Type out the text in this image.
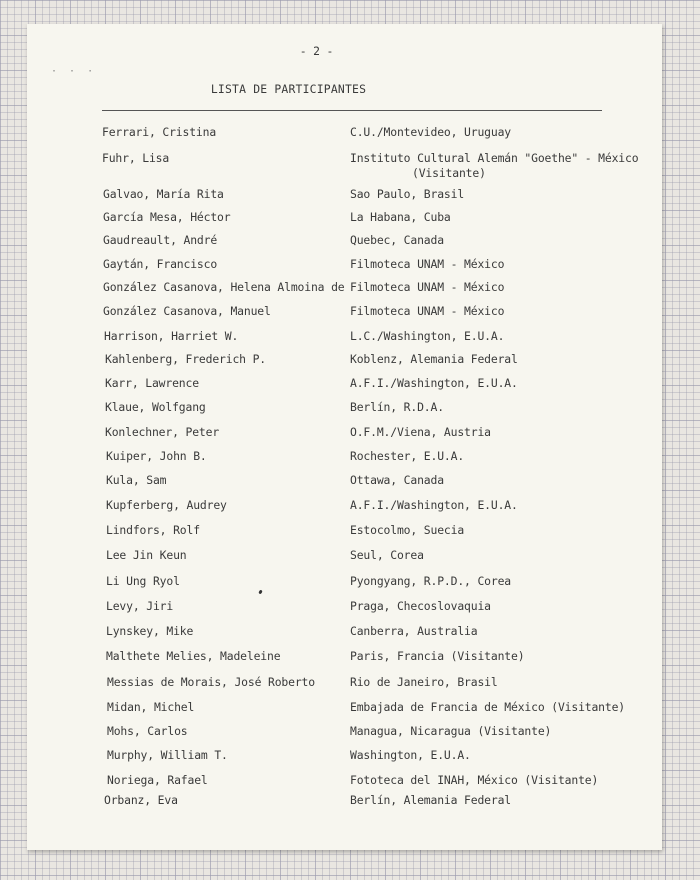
· · ·
- 2 -
LISTA DE PARTICIPANTES
Ferrari, Cristina	C.U./Montevideo, Uruguay
Fuhr, Lisa	Instituto Cultural Alemán "Goethe" - México
(Visitante)
Galvao, María Rita	Sao Paulo, Brasil
García Mesa, Héctor	La Habana, Cuba
Gaudreault, André	Quebec, Canada
Gaytán, Francisco	Filmoteca UNAM - México
González Casanova, Helena Almoina de Filmoteca UNAM - México
González Casanova, Manuel	Filmoteca UNAM - México
Harrison, Harriet W.	L.C./Washington, E.U.A.
Kahlenberg, Frederich P.	Koblenz, Alemania Federal
Karr, Lawrence	A.F.I./Washington, E.U.A.
Klaue, Wolfgang	Berlín, R.D.A.
Konlechner, Peter	O.F.M./Viena, Austria
Kuiper, John B.	Rochester, E.U.A.
Kula, Sam	Ottawa, Canada
Kupferberg, Audrey	A.F.I./Washington, E.U.A.
Lindfors, Rolf	Estocolmo, Suecia
Lee Jin Keun	Seul, Corea
Li Ung Ryol	Pyongyang, R.P.D., Corea
Levy, Jiri	Praga, Checoslovaquia
Lynskey, Mike	Canberra, Australia
Malthete Melies, Madeleine	Paris, Francia (Visitante)
Messias de Morais, José Roberto	Rio de Janeiro, Brasil
Midan, Michel	Embajada de Francia de México (Visitante)
Mohs, Carlos	Managua, Nicaragua (Visitante)
Murphy, William T.	Washington, E.U.A.
Noriega, Rafael	Fototeca del INAH, México (Visitante)
Orbanz, Eva	Berlín, Alemania Federal
